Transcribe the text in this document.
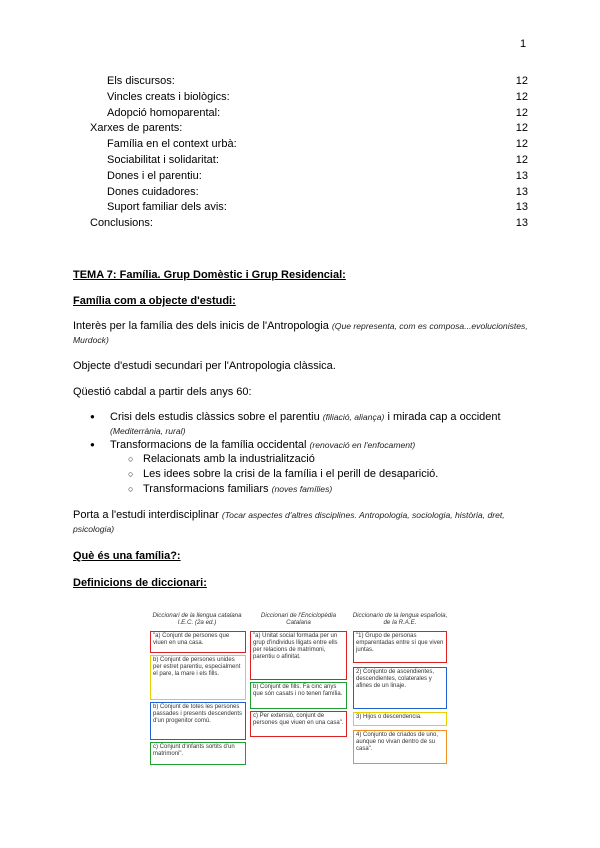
1
Els discursos:	12
Vincles creats i biològics:	12
Adopció homoparental:	12
Xarxes de parents:	12
Família en el context urbà:	12
Sociabilitat i solidaritat:	12
Dones i el parentiu:	13
Dones cuidadores:	13
Suport familiar dels avis:	13
Conclusions:	13

TEMA 7: Família. Grup Domèstic i Grup Residencial:

Família com a objecte d'estudi:

Interès per la família des dels inicis de l'Antropologia (Que representa, com es composa...evolucionistes, Murdock)

Objecte d'estudi secundari per l'Antropologia clàssica.

Qüestió cabdal a partir dels anys 60:

● Crisi dels estudis clàssics sobre el parentiu (filiació, aliança) i mirada cap a occident
(Mediterrània, rural)
● Transformacions de la família occidental (renovació en l'enfocament)
○ Relacionats amb la industrialització
○ Les idees sobre la crisi de la família i el perill de desaparició.
○ Transformacions familiars (noves famílies)

Porta a l'estudi interdisciplinar (Tocar aspectes d'altres disciplines. Antropologia, sociologia, història, dret, psicologia)

Què és una família?:

Definicions de diccionari:

Diccionari de la llengua catalana I.E.C. (2a ed.)
Diccionari de l'Enciclopèdia Catalana
Diccionario de la lengua española, de la R.A.E.
"a) Conjunt de persones que viuen en una casa.
b) Conjunt de persones unides per estret parentiu, especialment el pare, la mare i els fills.
b) Conjunt de totes les persones passades i presents descendents d'un progenitor comú.
c) Conjunt d'infants sortits d'un matrimoni".
"a) Unitat social formada per un grup d'individus lligats entre ells per relacions de matrimoni, parentiu o afinitat.
b) Conjunt de fills. Fa cinc anys que són casats i no tenen família.
c) Per extensió, conjunt de persones que viuen en una casa".
"1) Grupo de personas emparentadas entre sí que viven juntas.
2) Conjunto de ascendientes, descendientes, colaterales y afines de un linaje.
3) Hijos o descendencia.
4) Conjunto de criados de uno, aunque no vivan dentro de su casa".
